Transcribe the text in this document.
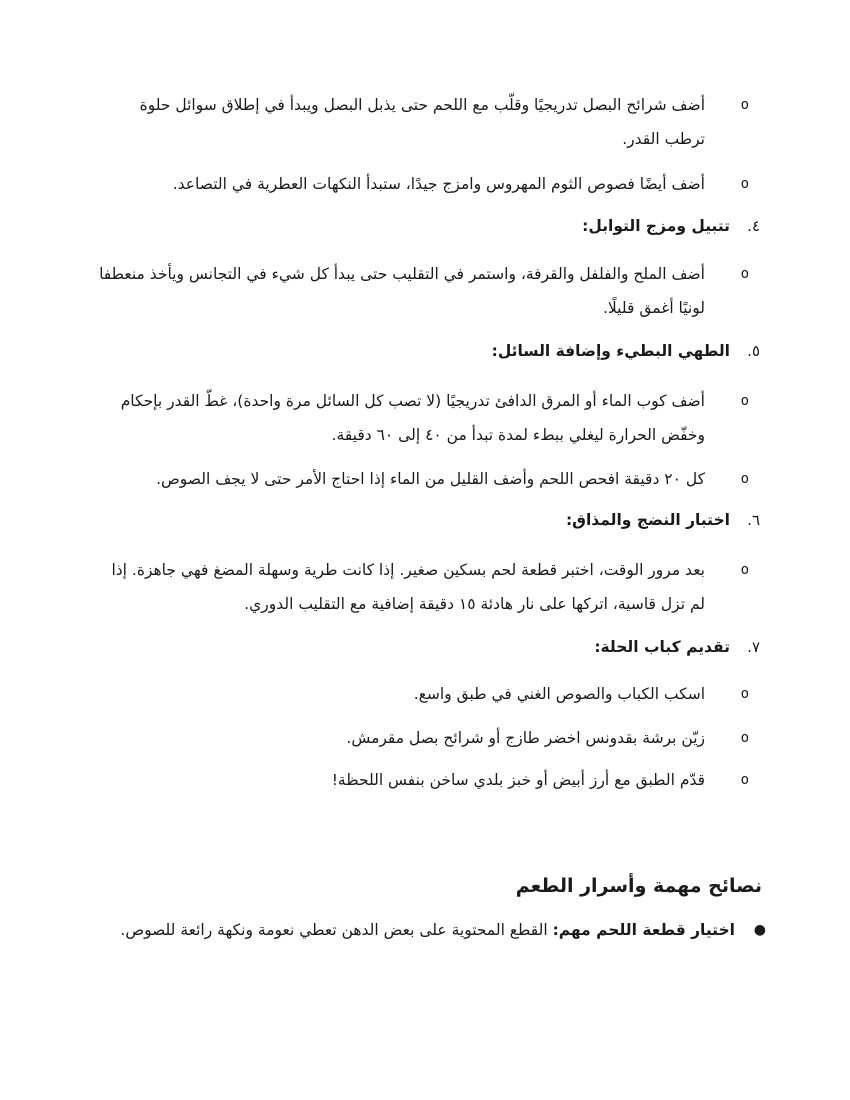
o
أضف شرائح البصل تدريجيًا وقلّب مع اللحم حتى يذبل البصل ويبدأ في إطلاق سوائل حلوة ترطب القدر.
o
أضف أيضًا فصوص الثوم المهروس وامزج جيدًا، ستبدأ النكهات العطرية في التصاعد.
٤.
تتبيل ومزج التوابل:
o
أضف الملح والفلفل والقرفة، واستمر في التقليب حتى يبدأ كل شيء في التجانس ويأخذ منعطفا لونيًا أغمق قليلًا.
٥.
الطهي البطيء وإضافة السائل:
o
أضف كوب الماء أو المرق الدافئ تدريجيًا (لا تصب كل السائل مرة واحدة)، غطّ القدر بإحكام وخفّض الحرارة ليغلي ببطء لمدة تبدأ من ٤٠ إلى ٦٠ دقيقة.
o
كل ٢٠ دقيقة افحص اللحم وأضف القليل من الماء إذا احتاج الأمر حتى لا يجف الصوص.
٦.
اختبار النضج والمذاق:
o
بعد مرور الوقت، اختبر قطعة لحم بسكين صغير. إذا كانت طرية وسهلة المضغ فهي جاهزة. إذا لم تزل قاسية، اتركها على نار هادئة ١٥ دقيقة إضافية مع التقليب الدوري.
٧.
تقديم كباب الحلة:
o
اسكب الكباب والصوص الغني في طبق واسع.
o
زيّن برشة بقدونس اخضر طازج أو شرائح بصل مقرمش.
o
قدّم الطبق مع أرز أبيض أو خبز بلدي ساخن بنفس اللحظة!
نصائح مهمة وأسرار الطعم
●
اختيار قطعة اللحم مهم: القطع المحتوية على بعض الدهن تعطي نعومة ونكهة رائعة للصوص.
